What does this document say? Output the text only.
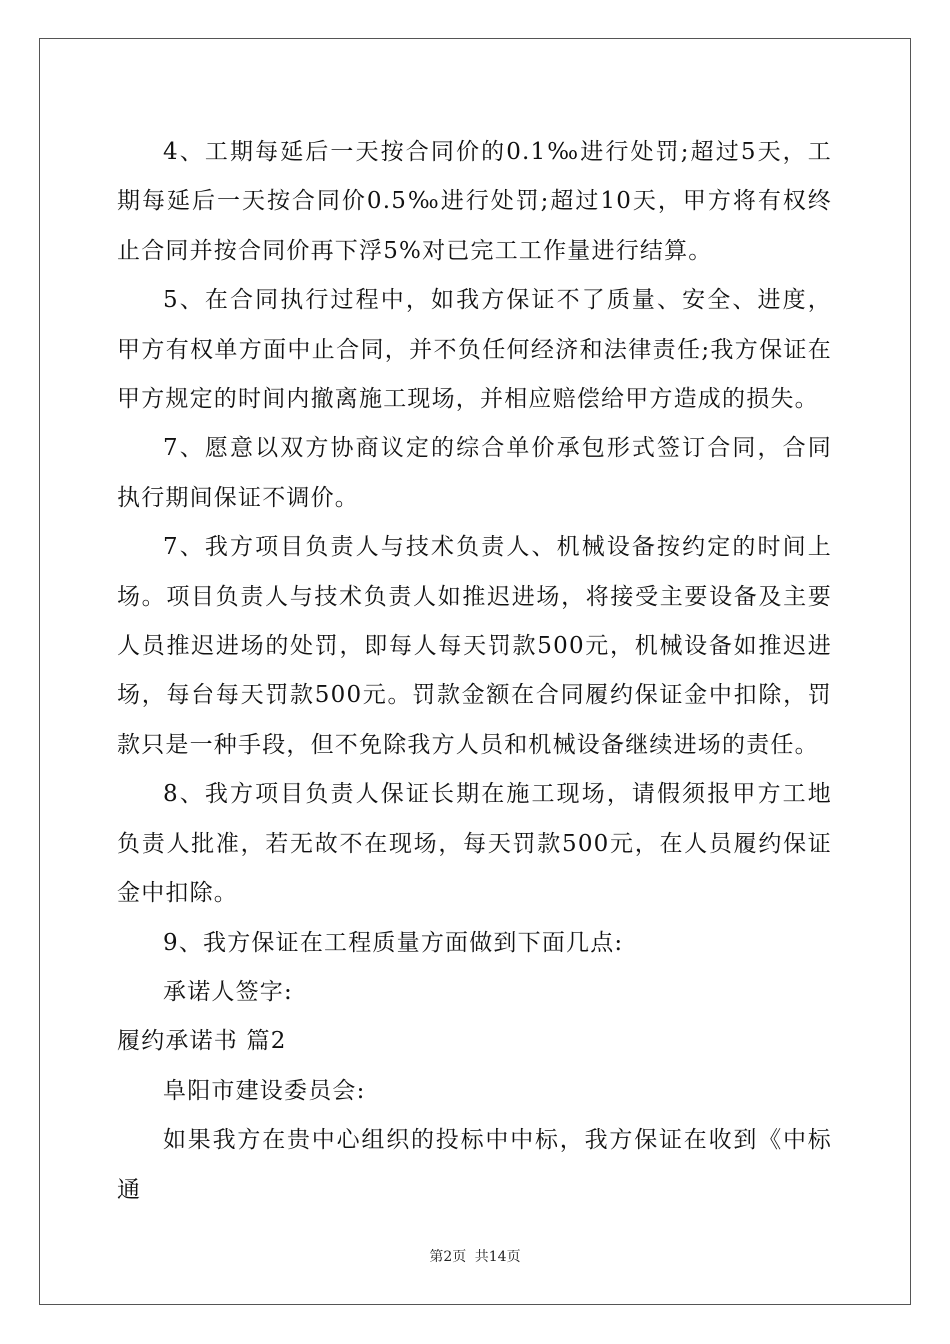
4、工期每延后一天按合同价的0.1‰进行处罚;超过5天，工期每延后一天按合同价0.5‰进行处罚;超过10天，甲方将有权终止合同并按合同价再下浮5%对已完工工作量进行结算。

5、在合同执行过程中，如我方保证不了质量、安全、进度，甲方有权单方面中止合同，并不负任何经济和法律责任;我方保证在甲方规定的时间内撤离施工现场，并相应赔偿给甲方造成的损失。

7、愿意以双方协商议定的综合单价承包形式签订合同，合同执行期间保证不调价。

7、我方项目负责人与技术负责人、机械设备按约定的时间上场。项目负责人与技术负责人如推迟进场，将接受主要设备及主要人员推迟进场的处罚，即每人每天罚款500元，机械设备如推迟进场，每台每天罚款500元。罚款金额在合同履约保证金中扣除，罚款只是一种手段，但不免除我方人员和机械设备继续进场的责任。

8、我方项目负责人保证长期在施工现场，请假须报甲方工地负责人批准，若无故不在现场，每天罚款500元，在人员履约保证金中扣除。

9、我方保证在工程质量方面做到下面几点:

承诺人签字:

履约承诺书 篇2

阜阳市建设委员会:

如果我方在贵中心组织的投标中中标，我方保证在收到《中标通

第2页 共14页
